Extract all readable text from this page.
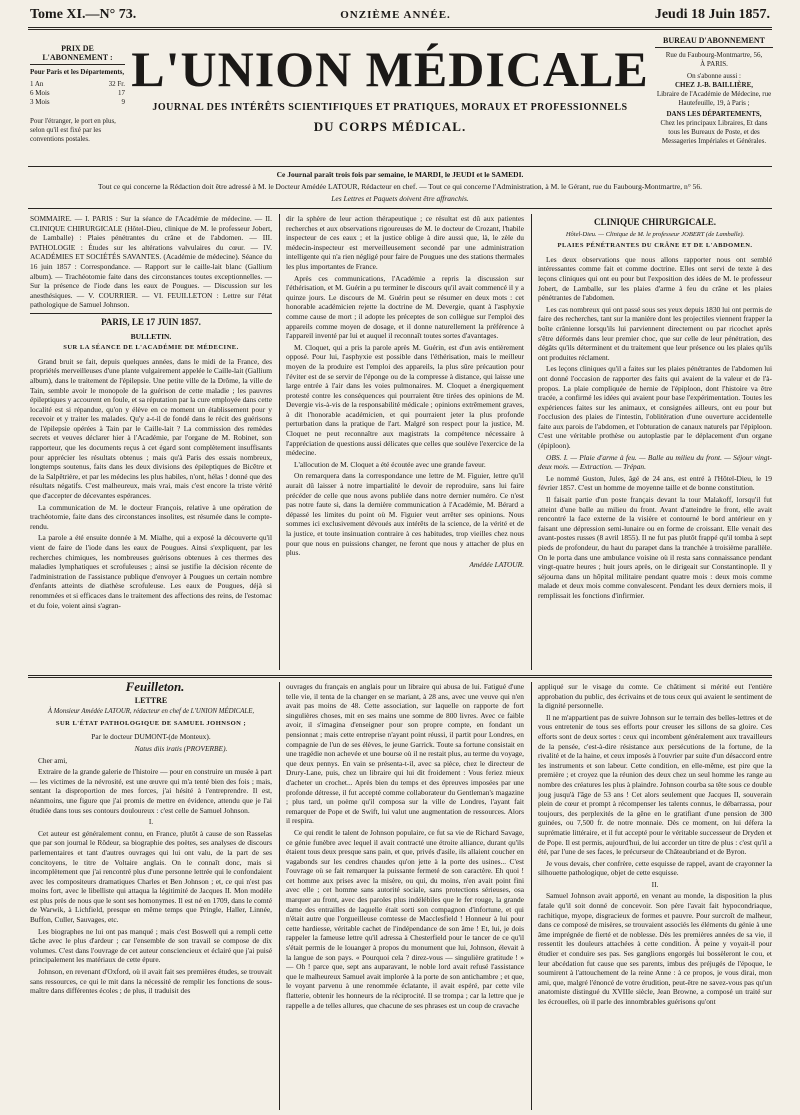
Tome XI.—N° 73.	ONZIÈME ANNÉE.	Jeudi 18 Juin 1857.
PRIX DE L'ABONNEMENT :
Pour Paris et les Départements,
1 An	32 Fr.
6 Mois	17
3 Mois	9
Pour l'étranger, le port en plus, selon qu'il est fixé par les conventions postales.
L'UNION MÉDICALE
JOURNAL DES INTÉRÊTS SCIENTIFIQUES ET PRATIQUES, MORAUX ET PROFESSIONNELS
DU CORPS MÉDICAL.
BUREAU D'ABONNEMENT
Rue du Faubourg-Montmartre, 56,
À PARIS.
On s'abonne aussi :
CHEZ J.-B. BAILLIÈRE,
Libraire de l'Académie de Médecine, rue Hautefeuille, 19, à Paris ;
DANS LES DÉPARTEMENTS,
Chez les principaux Libraires, Et dans tous les Bureaux de Poste, et des Messageries Impériales et Générales.
Ce Journal paraît trois fois par semaine, le MARDI, le JEUDI et le SAMEDI.
Tout ce qui concerne la Rédaction doit être adressé à M. le Docteur Amédée LATOUR, Rédacteur en chef. — Tout ce qui concerne l'Administration, à M. le Gérant, rue du Faubourg-Montmartre, n° 56.
Les Lettres et Paquets doivent être affranchis.

SOMMAIRE. — I. PARIS : Sur la séance de l'Académie de médecine. — II. CLINIQUE CHIRURGICALE (Hôtel-Dieu, clinique de M. le professeur Jobert, de Lamballe) : Plaies pénétrantes du crâne et de l'abdomen. — III. PATHOLOGIE : Études sur les altérations valvulaires du cœur. — IV. ACADÉMIES ET SOCIÉTÉS SAVANTES. (Académie de médecine). Séance du 16 juin 1857 : Correspondance. — Rapport sur le caille-lait blanc (Gallium album). — Trachéotomie faite dans des circonstances toutes exceptionnelles. — Sur la présence de l'iode dans les eaux de Pougues. — Discussion sur les anesthésiques. — V. COURRIER. — VI. FEUILLETON : Lettre sur l'état pathologique de Samuel Johnson.

PARIS, LE 17 JUIN 1857.

BULLETIN.

SUR LA SÉANCE DE L'ACADÉMIE DE MÉDECINE.

Grand bruit se fait, depuis quelques années, dans le midi de la France, des propriétés merveilleuses d'une plante vulgairement appelée le Caille-lait (Gallium album), dans le traitement de l'épilepsie. Une petite ville de la Drôme, la ville de Tain, semble avoir le monopole de la guérison de cette maladie ; les pauvres épileptiques y accourent en foule, et sa réputation par la cure employée dans cette localité est si répandue, qu'on y élève en ce moment un établissement pour y recevoir et y traiter les malades. Qu'y a-t-il de fondé dans le récit des guérisons de l'épilepsie opérées à Tain par le Caille-lait ? La commission des remèdes secrets et veuves déclarer hier à l'Académie, par l'organe de M. Robinet, son rapporteur, que les documents reçus à cet égard sont complètement insuffisants pour apprécier les résultats obtenus ; mais qu'à Paris des essais nombreux, longtemps soutenus, faits dans les deux divisions des épileptiques de Bicêtre et de la Salpêtrière, et par les médecins les plus habiles, n'ont, hélas ! donné que des résultats négatifs. C'est malheureux, mais vrai, mais c'est encore la triste vérité que d'accepter de décevantes espérances.

La communication de M. le docteur François, relative à une opération de trachéotomie, faite dans des circonstances insolites, est résumée dans le compte-rendu.

La parole a été ensuite donnée à M. Mialhe, qui a exposé la découverte qu'il vient de faire de l'iode dans les eaux de Pougues. Ainsi s'expliquent, par les recherches chimiques, les nombreuses guérisons obtenues à ces thermes des maladies lymphatiques et scrofuleuses ; ainsi se justifie la décision récente de l'administration de l'assistance publique d'envoyer à Pougues un certain nombre d'enfants atteints de diathèse scrofuleuse. Les eaux de Pougues, déjà si renommées et si efficaces dans le traitement des affections des reins, de l'estomac et du foie, voient ainsi s'agran-

dir la sphère de leur action thérapeutique ; ce résultat est dû aux patientes recherches et aux observations rigoureuses de M. le docteur de Crozant, l'habile inspecteur de ces eaux ; et la justice oblige à dire aussi que, là, le zèle du médecin-inspecteur est merveilleusement secondé par une administration intelligente qui n'a rien négligé pour faire de Pougues une des stations thermales les plus importantes de France.

Après ces communications, l'Académie a repris la discussion sur l'éthérisation, et M. Guérin a pu terminer le discours qu'il avait commencé il y a quinze jours. Le discours de M. Guérin peut se résumer en deux mots : cet honorable académicien rejette la doctrine de M. Devergie, quant à l'asphyxie comme cause de mort ; il adopte les préceptes de son collègue sur l'emploi des appareils comme moyen de dosage, et il donne naturellement la préférence à l'appareil inventé par lui et auquel il reconnaît toutes sortes d'avantages.

M. Cloquet, qui a pris la parole après M. Guérin, est d'un avis entièrement opposé. Pour lui, l'asphyxie est possible dans l'éthérisation, mais le meilleur moyen de la produire est l'emploi des appareils, la plus sûre précaution pour l'éviter est de se servir de l'éponge ou de la compresse à distance, qui laisse une large entrée à l'air dans les voies pulmonaires. M. Cloquet a énergiquement protesté contre les conséquences qui pourraient être tirées des opinions de M. Devergie vis-à-vis de la responsabilité médicale ; opinions extrêmement graves, à dit l'honorable académicien, et qui pourraient jeter la plus profonde perturbation dans la pratique de l'art. Malgré son respect pour la justice, M. Cloquet ne peut reconnaître aux magistrats la compétence nécessaire à l'appréciation de questions aussi délicates que celles que soulève l'exercice de la médecine.

L'allocution de M. Cloquet a été écoutée avec une grande faveur.

On remarquera dans la correspondance une lettre de M. Figuier, lettre qu'il aurait dû laisser à notre impartialité le devoir de reproduire, sans lui faire précéder de celle que nous avons publiée dans notre dernier numéro. Ce n'est pas notre faute si, dans la dernière communication à l'Académie, M. Bérard a dépassé les limites du point où M. Figuier veut arrêter ses opinions. Nous sommes ici exclusivement dévoués aux intérêts de la science, de la vérité et de la justice, et toute insinuation contraire à ces habitudes, trop vieilles chez nous pour que nous en puissions changer, ne feront que nous y attacher de plus en plus.

Amédée LATOUR.

CLINIQUE CHIRURGICALE.

Hôtel-Dieu. — Clinique de M. le professeur JOBERT (de Lamballe).

PLAIES PÉNÉTRANTES DU CRÂNE ET DE L'ABDOMEN.

Les deux observations que nous allons rapporter nous ont semblé intéressantes comme fait et comme doctrine. Elles ont servi de texte à des leçons cliniques qui ont eu pour but l'exposition des idées de M. le professeur Jobert, de Lamballe, sur les plaies d'arme à feu du crâne et les plaies pénétrantes de l'abdomen.

Les cas nombreux qui ont passé sous ses yeux depuis 1830 lui ont permis de faire des recherches, tant sur la manière dont les projectiles viennent frapper la boîte crânienne lorsqu'ils lui parviennent directement ou par ricochet après s'être déformés dans leur premier choc, que sur celle de leur pénétration, des dégâts qu'ils déterminent et du traitement que leur présence ou les plaies qu'ils ont produites réclament.

Les leçons cliniques qu'il a faites sur les plaies pénétrantes de l'abdomen lui ont donné l'occasion de rapporter des faits qui avaient de la valeur et de l'à-propos. La plaie compliquée de hernie de l'épiploon, dont l'histoire va être tracée, a confirmé les idées qui avaient pour base l'expérimentation. Toutes les expériences faites sur les animaux, et consignées ailleurs, ont eu pour but l'occlusion des plaies de l'intestin, l'oblitération d'une ouverture accidentelle faite aux parois de l'abdomen, et l'obturation de canaux naturels par l'épiploon. C'est une véritable prothèse ou autoplastie par le déplacement d'un organe (épiploon).

OBS. I. — Plaie d'arme à feu. — Balle au milieu du front. — Séjour vingt-deux mois. — Extraction. — Trépan.

Le nommé Guston, Jules, âgé de 24 ans, est entré à l'Hôtel-Dieu, le 19 février 1857. C'est un homme de moyenne taille et de bonne constitution.

Il faisait partie d'un poste français devant la tour Malakoff, lorsqu'il fut atteint d'une balle au milieu du front. Avant d'atteindre le front, elle avait rencontré la face externe de la visière et contourné le bord antérieur en y faisant une dépression semi-lunaire ou en forme de croissant. Elle venait des avant-postes russes (8 avril 1855). Il ne fut pas plutôt frappé qu'il tomba à sept pieds de profondeur, du haut du parapet dans la tranchée à troisième parallèle. On le porta dans une ambulance voisine où il resta sans connaissance pendant vingt-quatre heures ; huit jours après, on le dirigeait sur Constantinople. Il y séjourna dans un hôpital militaire pendant quatre mois : deux mois comme malade et deux mois comme convalescent. Pendant les deux derniers mois, il remplissait les fonctions d'infirmier.

Feuilleton.

LETTRE

À Monsieur Amédée LATOUR, rédacteur en chef de L'UNION MÉDICALE,

SUR L'ÉTAT PATHOLOGIQUE DE SAMUEL JOHNSON ;

Par le docteur DUMONT-(de Monteux).

Natus diis iratis (PROVERBE).

Cher ami,

Extraire de la grande galerie de l'histoire — pour en construire un musée à part — les victimes de la névrosité, est une œuvre qui m'a tenté bien des fois ; mais, sentant la disproportion de mes forces, j'ai hésité à l'entreprendre. Il est, néanmoins, une figure que j'ai promis de mettre en évidence, attendu que je l'ai étudiée dans tous ses contours douloureux : c'est celle de Samuel Johnson.

I.

Cet auteur est généralement connu, en France, plutôt à cause de son Rasselas que par son journal le Rôdeur, sa biographie des poètes, ses analyses de discours parlementaires et tant d'autres ouvrages qui lui ont valu, de la part de ses concitoyens, le titre de Voltaire anglais. On le connaît donc, mais si incomplètement que j'ai rencontré plus d'une personne lettrée qui le confondaient avec les compositeurs dramatiques Charles et Ben Johnson ; et, ce qui n'est pas moins fort, avec le libelliste qui attaqua la légitimité de Jacques II. Mon modèle est plus près de nous que le sont ses homonymes. Il est né en 1709, dans le comté de Warwik, à Lichfield, presque en même temps que Pringle, Haller, Linnée, Buffon, Culler, Sauvages, etc.

Les biographes ne lui ont pas manqué ; mais c'est Boswell qui a rempli cette tâche avec le plus d'ardeur ; car l'ensemble de son travail se compose de dix volumes. C'est dans l'ouvrage de cet auteur consciencieux et éclairé que j'ai puisé principalement les matériaux de cette épure.

Johnson, en revenant d'Oxford, où il avait fait ses premières études, se trouvait sans ressources, ce qui le mit dans la nécessité de remplir les fonctions de sous-maître dans différentes écoles ; de plus, il traduisit des

ouvrages du français en anglais pour un libraire qui abusa de lui. Fatigué d'une telle vie, il tenta de la changer en se mariant, à 28 ans, avec une veuve qui n'en avait pas moins de 48. Cette association, sur laquelle on rapporte de fort singulières choses, mit en ses mains une somme de 800 livres. Avec ce faible avoir, il s'imagina d'enseigner pour son propre compte, en fondant un pensionnat ; mais cette entreprise n'ayant point réussi, il partit pour Londres, en compagnie de l'un de ses élèves, le jeune Garrick. Toute sa fortune consistait en une tragédie non achevée et une bourse où il ne restait plus, au terme du voyage, que deux pennys. En vain se présenta-t-il, avec sa pièce, chez le directeur de Drury-Lane, puis, chez un libraire qui lui dit froidement : Vous feriez mieux d'acheter un crochet... Après bien du temps et des épreuves imposées par une profonde détresse, il fut accepté comme collaborateur du Gentleman's magazine ; plus tard, un poème qu'il composa sur la ville de Londres, l'ayant fait remarquer de Pope et de Swift, lui valut une augmentation de ressources. Alors il respira.

Ce qui rendit le talent de Johnson populaire, ce fut sa vie de Richard Savage, ce génie funèbre avec lequel il avait contracté une étroite alliance, durant qu'ils étaient tous deux presque sans pain, et que, privés d'asile, ils allaient coucher en vagabonds sur les cendres chaudes qu'on jette à la porte des usines... C'est l'ouvrage où se fait remarquer la puissante fermeté de son caractère. Eh quoi ! cet homme aux prises avec la misère, ou qui, du moins, n'en avait point fini avec elle ; cet homme sans autorité sociale, sans protections sérieuses, osa marquer au front, avec des paroles plus indélébiles que le fer rouge, la grande dame des entrailles de laquelle était sorti son compagnon d'infortune, et qui n'était autre que l'orgueilleuse comtesse de Macclesfield ! Honneur à lui pour cette hardiesse, véritable cachet de l'indépendance de son âme ! Et, lui, je dois rappeler la fameuse lettre qu'il adressa à Chesterfield pour le tancer de ce qu'il s'était permis de le louanger à propos du monument que lui, Johnson, élevait à la langue de son pays. « Pourquoi cela ? direz-vous — singulière gratitude ! » — Oh ! parce que, sept ans auparavant, le noble lord avait refusé l'assistance que le malheureux Samuel avait implorée à la porte de son antichambre ; et que, le voyant parvenu à une renommée éclatante, il avait espéré, par cette vile flatterie, obtenir les honneurs de la réciprocité. Il se trompa ; car la lettre que je rappelle a de telles allures, que chacune de ses phrases est un coup de cravache

appliqué sur le visage du comte. Ce châtiment si mérité eut l'entière approbation du public, des écrivains et de tous ceux qui avaient le sentiment de la dignité personnelle.

Il ne m'appartient pas de suivre Johnson sur le terrain des belles-lettres et de vous entretenir de tous ses efforts pour creuser les sillons de sa gloire. Ces efforts sont de deux sortes : ceux qui incombent généralement aux travailleurs de la pensée, c'est-à-dire résistance aux persécutions de la fortune, de la rivalité et de la haine, et ceux imposés à l'ouvrier par suite d'un désaccord entre les instruments et son labeur. Cette condition, en elle-même, est pire que la première ; et croyez que la réunion des deux chez un seul homme les range au nombre des créatures les plus à plaindre. Johnson courba sa tête sous ce double joug jusqu'à l'âge de 53 ans ! Cet alors seulement que Jacques II, souverain plein de cœur et prompt à récompenser les talents connus, le débarrassa, pour toujours, des perplexités de la gêne en le gratifiant d'une pension de 300 guinées, ou 7,500 fr. de notre monnaie. Dès ce moment, on lui défera la suprématie littéraire, et il fut accepté pour le véritable successeur de Dryden et de Pope. Il est permis, aujourd'hui, de lui accorder un titre de plus : c'est qu'il a été, par l'une de ses faces, le précurseur de Châteaubriand et de Byron.

Je vous devais, cher confrère, cette esquisse de rappel, avant de crayonner la silhouette pathologique, objet de cette esquisse.

II.

Samuel Johnson avait apporté, en venant au monde, la disposition la plus fatale qu'il soit donné de concevoir. Son père l'avait fait hypocondriaque, rachitique, myope, disgracieux de formes et pauvre. Pour surcroît de malheur, dans ce composé de misères, se trouvaient associés les éléments du génie à une âme imprégnée de fierté et de noblesse. Dès les premières années de sa vie, il ressentit les douleurs attachées à cette condition. À peine y voyait-il pour étudier et conduire ses pas. Ses ganglions engorgés lui bossèleront le cou, et leur abcédation fut cause que ses parents, imbus des préjugés de l'époque, le soumirent à l'attouchement de la reine Anne : à ce propos, je vous dirai, mon ami, que, malgré l'énoncé de votre érudition, peut-être ne savez-vous pas qu'un anatomiste distingué du XVIIIe siècle, Jean Browne, a composé un traité sur les écrouelles, où il parle des innombrables guérisons qu'ont
